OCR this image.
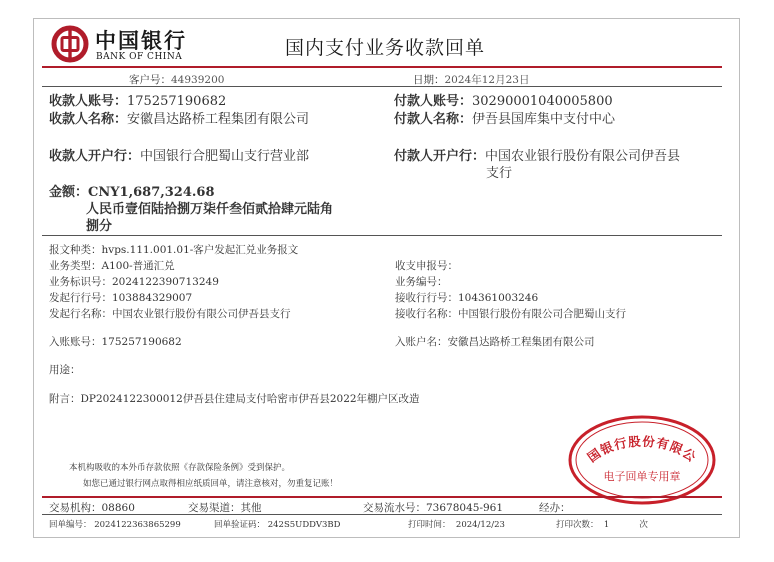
中国银行
BANK OF CHINA	国内支付业务收款回单
客户号：44939200	日期：2024年12月23日
收款人账号：175257190682
收款人名称：安徽昌达路桥工程集团有限公司
收款人开户行：中国银行合肥蜀山支行营业部
付款人账号：30290001040005800
付款人名称：伊吾县国库集中支付中心
付款人开户行：中国农业银行股份有限公司伊吾县
支行
金额：CNY1,687,324.68
人民币壹佰陆拾捌万柒仟叁佰贰拾肆元陆角
捌分
报文种类：hvps.111.001.01-客户发起汇兑业务报文
业务类型：A100-普通汇兑
业务标识号：2024122390713249
发起行行号：103884329007
发起行名称：中国农业银行股份有限公司伊吾县支行
收支申报号：
业务编号：
接收行行号：104361003246
接收行名称：中国银行股份有限公司合肥蜀山支行
入账账号：175257190682	入账户名：安徽昌达路桥工程集团有限公司
用途：
附言：DP2024122300012伊吾县住建局支付哈密市伊吾县2022年棚户区改造
本机构吸收的本外币存款依照《存款保险条例》受到保护。
如您已通过银行网点取得相应纸质回单，请注意核对，勿重复记账！
国银行股份有限公
电子回单专用章
交易机构：08860	交易渠道：其他	交易流水号：73678045-961	经办：
回单编号： 2024122363865299	回单验证码： 242S5UDDV3BD	打印时间： 2024/12/23	打印次数： 1	次
